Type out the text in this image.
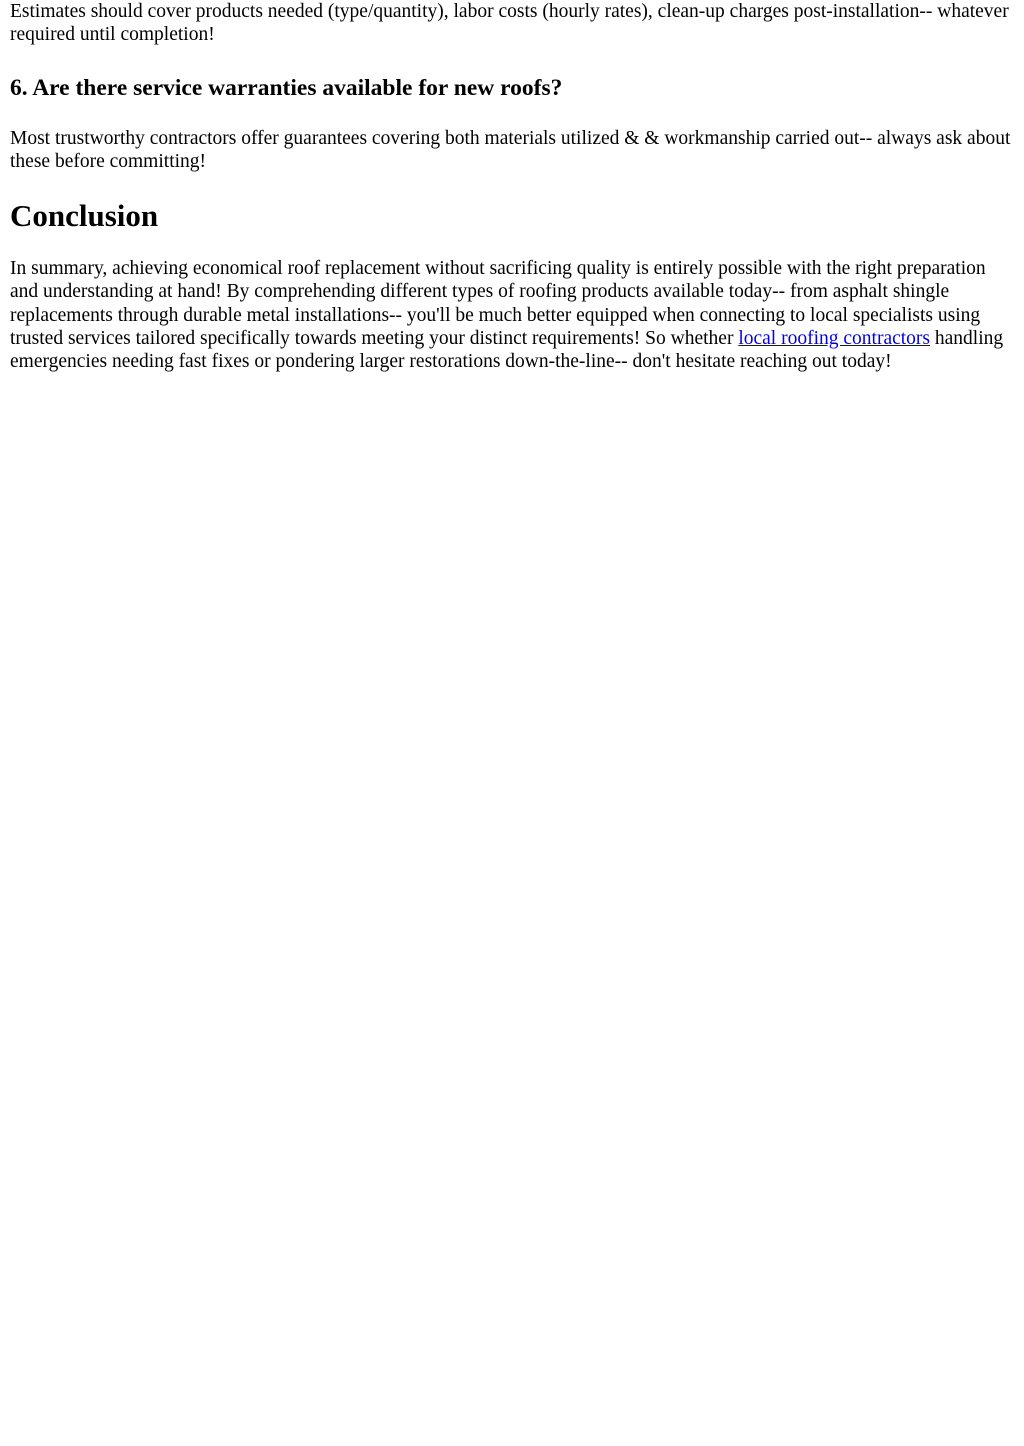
Estimates should cover products needed (type/quantity), labor costs (hourly rates), clean-up charges post-installation-- whatever required until completion!

6. Are there service warranties available for new roofs?

Most trustworthy contractors offer guarantees covering both materials utilized & & workmanship carried out-- always ask about these before committing!

Conclusion

In summary, achieving economical roof replacement without sacrificing quality is entirely possible with the right preparation and understanding at hand! By comprehending different types of roofing products available today-- from asphalt shingle replacements through durable metal installations-- you'll be much better equipped when connecting to local specialists using trusted services tailored specifically towards meeting your distinct requirements! So whether local roofing contractors handling emergencies needing fast fixes or pondering larger restorations down-the-line-- don't hesitate reaching out today!
